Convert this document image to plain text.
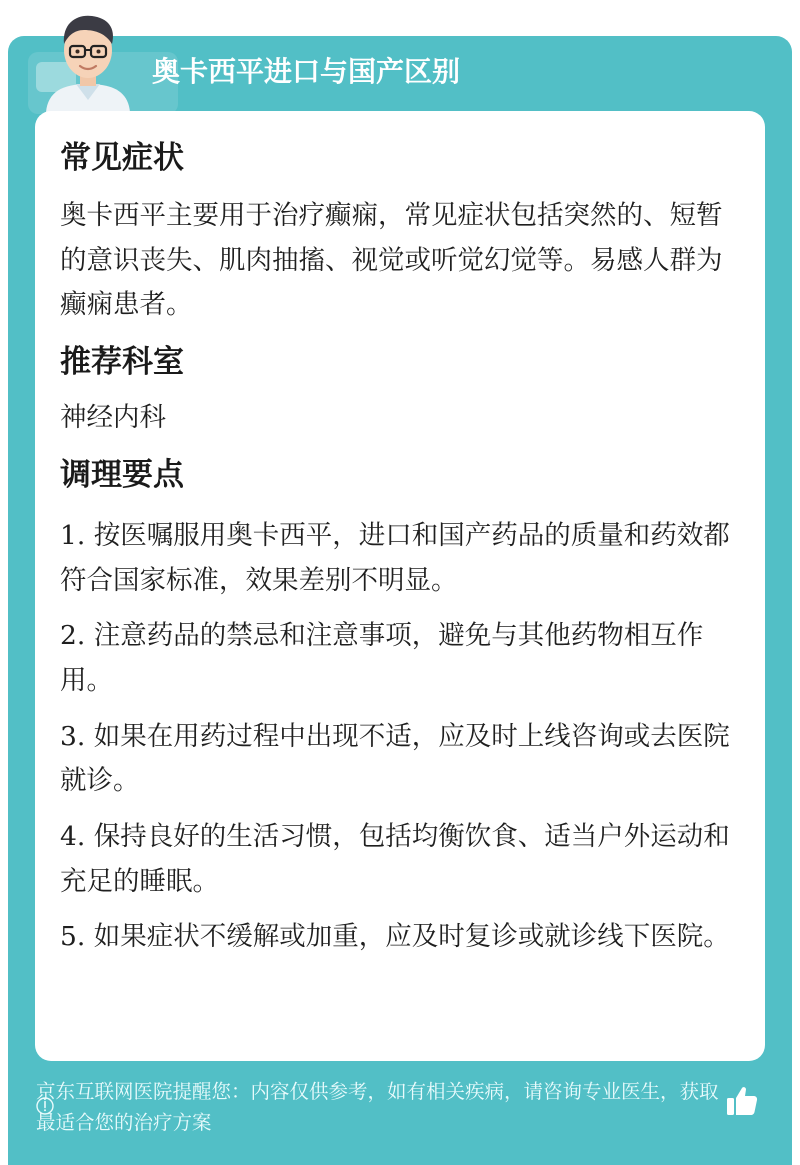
奥卡西平进口与国产区别
常见症状

奥卡西平主要用于治疗癫痫，常见症状包括突然的、短暂的意识丧失、肌肉抽搐、视觉或听觉幻觉等。易感人群为癫痫患者。

推荐科室

神经内科

调理要点

1. 按医嘱服用奥卡西平，进口和国产药品的质量和药效都符合国家标准，效果差别不明显。

2. 注意药品的禁忌和注意事项，避免与其他药物相互作用。

3. 如果在用药过程中出现不适，应及时上线咨询或去医院就诊。

4. 保持良好的生活习惯，包括均衡饮食、适当户外运动和充足的睡眠。

5. 如果症状不缓解或加重，应及时复诊或就诊线下医院。

京东互联网医院提醒您：内容仅供参考，如有相关疾病，请咨询专业医生，获取最适合您的治疗方案
